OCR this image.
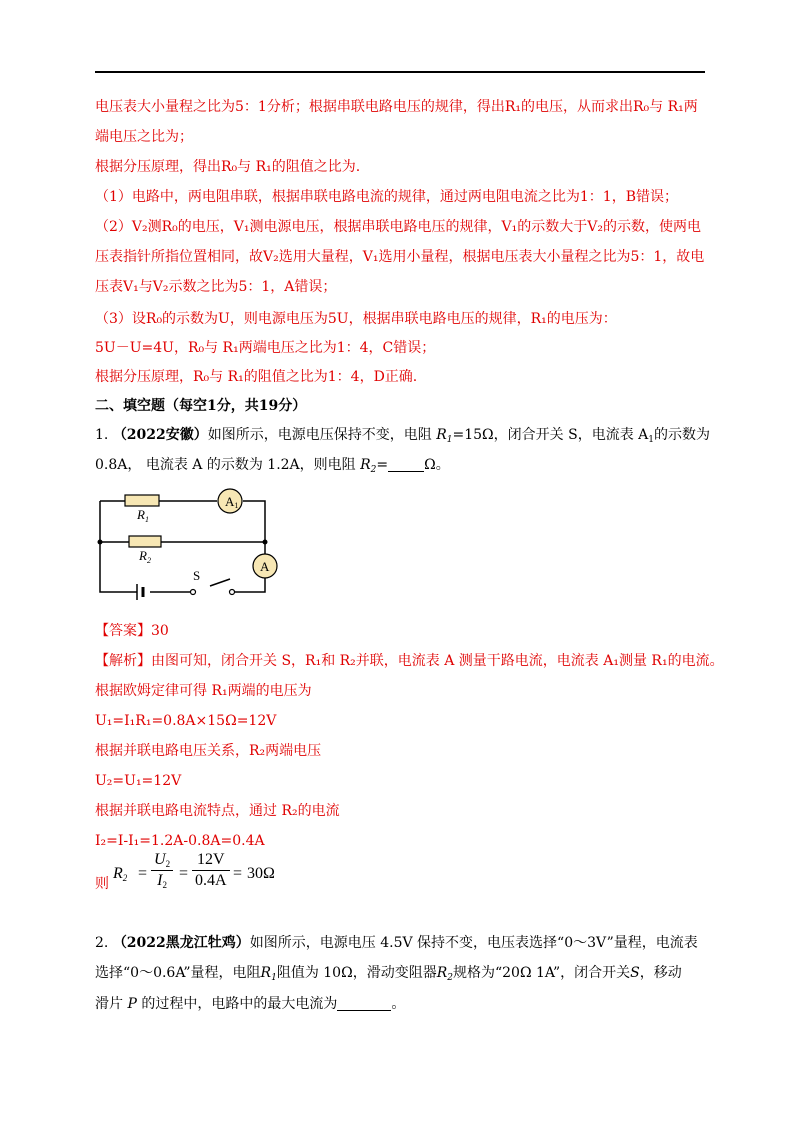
电压表大小量程之比为5：1分析；根据串联电路电压的规律，得出R₁的电压，从而求出R₀与 R₁两
端电压之比为；
根据分压原理，得出R₀与 R₁的阻值之比为.
（1）电路中，两电阻串联，根据串联电路电流的规律，通过两电阻电流之比为1：1，B错误；
（2）V₂测R₀的电压，V₁测电源电压，根据串联电路电压的规律，V₁的示数大于V₂的示数，使两电
压表指针所指位置相同，故V₂选用大量程，V₁选用小量程，根据电压表大小量程之比为5：1，故电
压表V₁与V₂示数之比为5：1，A错误；
（3）设R₀的示数为U，则电源电压为5U，根据串联电路电压的规律，R₁的电压为：
5U－U=4U，R₀与 R₁两端电压之比为1：4，C错误；
根据分压原理，R₀与 R₁的阻值之比为1：4，D正确.
二、填空题（每空1分，共19分）
1. （2022安徽）如图所示，电源电压保持不变，电阻 $R_1=15\Omega$，闭合开关 S，电流表 $A_1$的示数为
0.8A， 电流表 A 的示数为 1.2A，则电阻 $R_2=$	Ω。
A1
A
$R_1$
$R_2$
S
【答案】30
【解析】由图可知，闭合开关 S，R₁和 R₂并联，电流表 A 测量干路电流，电流表 A₁测量 R₁的电流。
根据欧姆定律可得 R₁两端的电压为
U₁=I₁R₁=0.8A×15Ω=12V
根据并联电路电压关系，R₂两端电压
U₂=U₁=12V
根据并联电路电流特点，通过 R₂的电流
I₂=I-I₁=1.2A-0.8A=0.4A
则
$R_2$ =
$U_2$
$I_2$
=
12V
0.4A = 30Ω
2. （2022黑龙江牡鸡）如图所示，电源电压 4.5V 保持不变，电压表选择“0～3V”量程，电流表
选择“0～0.6A”量程，电阻$R_1$阻值为 10Ω，滑动变阻器$R_2$规格为“20Ω 1A”，闭合开关S，移动
滑片 P 的过程中，电路中的最大电流为	。
